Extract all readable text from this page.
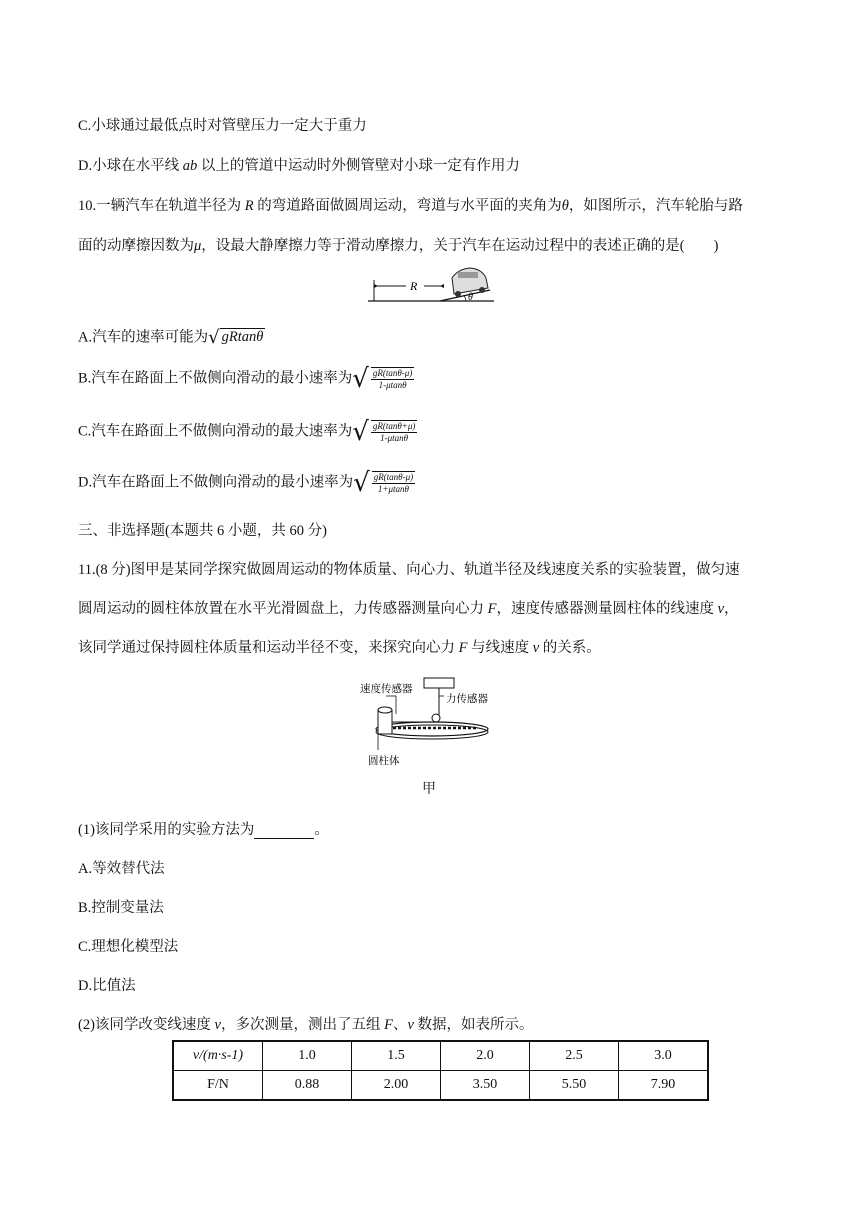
C.小球通过最低点时对管壁压力一定大于重力
D.小球在水平线 ab 以上的管道中运动时外侧管壁对小球一定有作用力
10.一辆汽车在轨道半径为 R 的弯道路面做圆周运动，弯道与水平面的夹角为θ，如图所示，汽车轮胎与路
面的动摩擦因数为μ，设最大静摩擦力等于滑动摩擦力，关于汽车在运动过程中的表述正确的是(　　)
R
θ
A.汽车的速率可能为√ gRtanθ
B.汽车在路面上不做侧向滑动的最小速率为√ $\frac{gR(\tan\theta-\mu)}{1-\mu\tan\theta}$
C.汽车在路面上不做侧向滑动的最大速率为√ $\frac{gR(\tan\theta+\mu)}{1-\mu\tan\theta}$
D.汽车在路面上不做侧向滑动的最小速率为√ $\frac{gR(\tan\theta-\mu)}{1+\mu\tan\theta}$
三、非选择题(本题共 6 小题，共 60 分)
11.(8 分)图甲是某同学探究做圆周运动的物体质量、向心力、轨道半径及线速度关系的实验装置，做匀速
圆周运动的圆柱体放置在水平光滑圆盘上，力传感器测量向心力 F，速度传感器测量圆柱体的线速度 v，
该同学通过保持圆柱体质量和运动半径不变，来探究向心力 F 与线速度 v 的关系。
速度传感器
力传感器
圆柱体
甲
(1)该同学采用的实验方法为	。
A.等效替代法
B.控制变量法
C.理想化模型法
D.比值法
(2)该同学改变线速度 v，多次测量，测出了五组 F、v 数据，如表所示。
v/(m·s-1)	1.0	1.5	2.0	2.5	3.0
F/N	0.88	2.00	3.50	5.50	7.90
